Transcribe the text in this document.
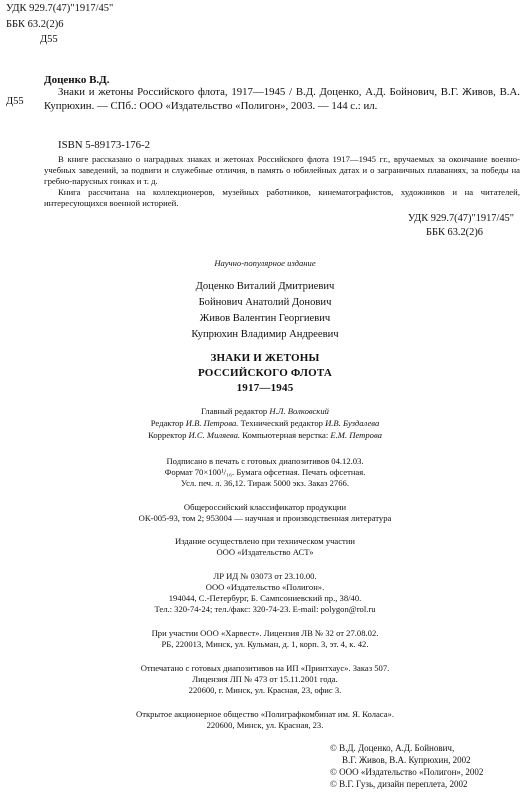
УДК 929.7(47)"1917/45"
ББК 63.2(2)6
Д55
Д55
Доценко В.Д.
Знаки и жетоны Российского флота, 1917—1945 / В.Д. Доценко, А.Д. Бойнович, В.Г. Живов, В.А. Купрюхин. — СПб.: ООО «Издательство «Полигон», 2003. — 144 с.: ил.
ISBN 5-89173-176-2
В книге рассказано о наградных знаках и жетонах Российского флота 1917—1945 гг., вручаемых за окончание военно-учебных заведений, за подвиги и служебные отличия, в память о юбилейных датах и о заграничных плаваниях, за победы на гребно-парусных гонках и т. д.
Книга рассчитана на коллекционеров, музейных работников, кинематографистов, художников и на читателей, интересующихся военной историей.
УДК 929.7(47)"1917/45"
ББК 63.2(2)6
Научно-популярное издание
Доценко Виталий Дмитриевич
Бойнович Анатолий Донович
Живов Валентин Георгиевич
Купрюхин Владимир Андреевич
ЗНАКИ И ЖЕТОНЫ
РОССИЙСКОГО ФЛОТА
1917—1945
Главный редактор Н.Л. Волковский
Редактор И.В. Петрова. Технический редактор И.В. Буздалева
Корректор И.С. Миляева. Компьютерная верстка: Е.М. Петрова
Подписано в печать с готовых диапозитивов 04.12.03.
Формат 70×100¹/₁₆. Бумага офсетная. Печать офсетная.
Усл. печ. л. 36,12. Тираж 5000 экз. Заказ 2766.
Общероссийский классификатор продукции
ОК-005-93, том 2; 953004 — научная и производственная литература
Издание осуществлено при техническом участии
ООО «Издательство АСТ»
ЛР ИД № 03073 от 23.10.00.
ООО «Издательство «Полигон».
194044, С.-Петербург, Б. Сампсониевский пр., 38/40.
Тел.: 320-74-24; тел./факс: 320-74-23. E-mail: polygon@rol.ru
При участии ООО «Харвест». Лицензия ЛВ № 32 от 27.08.02.
РБ, 220013, Минск, ул. Кульман, д. 1, корп. 3, эт. 4, к. 42.
Отпечатано с готовых диапозитивов на ИП «Принтхаус». Заказ 507.
Лицензия ЛП № 473 от 15.11.2001 года.
220600, г. Минск, ул. Красная, 23, офис 3.
Открытое акционерное общество «Полиграфкомбинат им. Я. Коласа».
220600, Минск, ул. Красная, 23.
© В.Д. Доценко, А.Д. Бойнович,
В.Г. Живов, В.А. Купрюхин, 2002
© ООО «Издательство «Полигон», 2002
© В.Г. Гузь, дизайн переплета, 2002
